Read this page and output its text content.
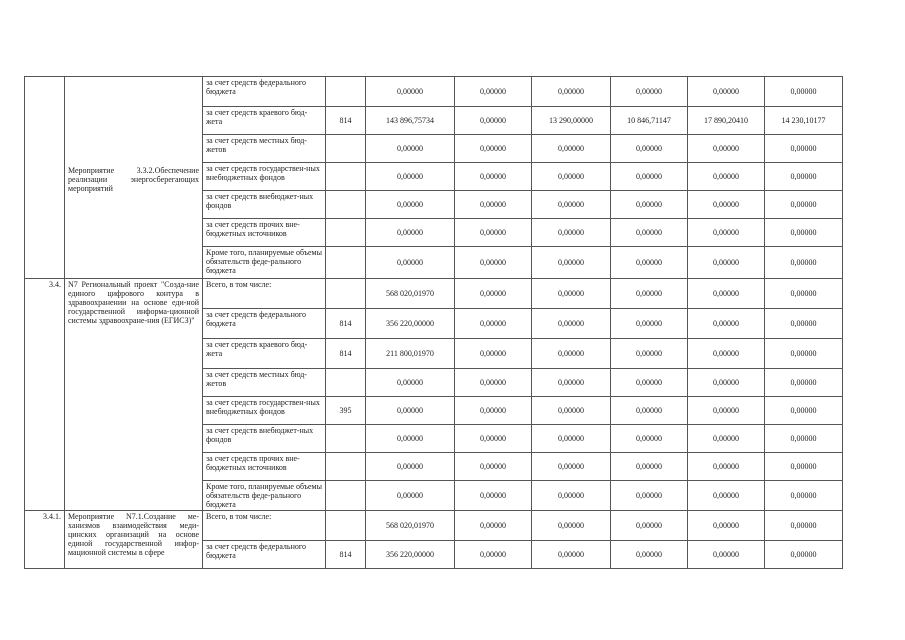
	Мероприятие 3.3.2.Обеспечение реализации энергосберегающих мероприятий	за счет средств федерального бюджета		0,00000	0,00000	0,00000	0,00000	0,00000	0,00000
		за счет средств краевого бюд-жета	814	143 896,75734	0,00000	13 290,00000	10 846,71147	17 890,20410	14 230,10177
		за счет средств местных бюд-жетов		0,00000	0,00000	0,00000	0,00000	0,00000	0,00000
		за счет средств государствен-ных внебюджетных фондов		0,00000	0,00000	0,00000	0,00000	0,00000	0,00000
		за счет средств внебюджет-ных фондов		0,00000	0,00000	0,00000	0,00000	0,00000	0,00000
		за счет средств прочих вне-бюджетных источников		0,00000	0,00000	0,00000	0,00000	0,00000	0,00000
		Кроме того, планируемые объемы обязательств феде-рального бюджета		0,00000	0,00000	0,00000	0,00000	0,00000	0,00000
3.4.	N7 Региональный проект "Созда-ние единого цифрового контура в здравоохранении на основе еди-ной государственной информа-ционной системы здравоохране-ния (ЕГИСЗ)"	Всего, в том числе:		568 020,01970	0,00000	0,00000	0,00000	0,00000	0,00000
		за счет средств федерального бюджета	814	356 220,00000	0,00000	0,00000	0,00000	0,00000	0,00000
		за счет средств краевого бюд-жета	814	211 800,01970	0,00000	0,00000	0,00000	0,00000	0,00000
		за счет средств местных бюд-жетов		0,00000	0,00000	0,00000	0,00000	0,00000	0,00000
		за счет средств государствен-ных внебюджетных фондов	395	0,00000	0,00000	0,00000	0,00000	0,00000	0,00000
		за счет средств внебюджет-ных фондов		0,00000	0,00000	0,00000	0,00000	0,00000	0,00000
		за счет средств прочих вне-бюджетных источников		0,00000	0,00000	0,00000	0,00000	0,00000	0,00000
		Кроме того, планируемые объемы обязательств феде-рального бюджета		0,00000	0,00000	0,00000	0,00000	0,00000	0,00000
3.4.1.	Мероприятие N7.1.Создание ме-ханизмов взаимодействия меди-цинских организаций на основе единой государственной инфор-мационной системы в сфере	Всего, в том числе:		568 020,01970	0,00000	0,00000	0,00000	0,00000	0,00000
		за счет средств федерального бюджета	814	356 220,00000	0,00000	0,00000	0,00000	0,00000	0,00000
